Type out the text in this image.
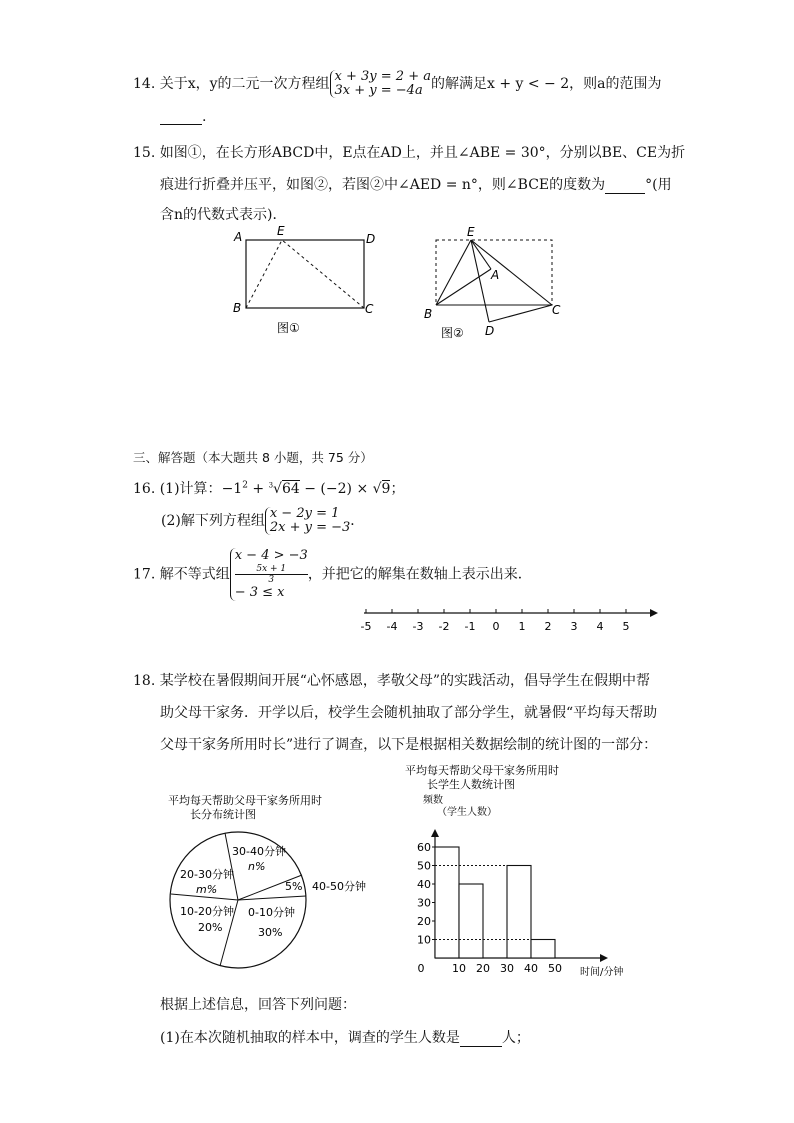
14. 关于x，y的二元一次方程组 x + 3y = 2 + a
3x + y = −4a 的解满足x + y < − 2，则a的范围为
.
15. 如图①，在长方形ABCD中，E点在AD上，并且∠ABE = 30°，分别以BE、CE为折
痕进行折叠并压平，如图②，若图②中∠AED = n°，则∠BCE的度数为	°(用
含n的代数式表示)．
A	E
D
B	C
图①
E
A
B	C
D
图②
三、解答题（本大题共 8 小题，共 75 分）
16. (1)计算：$-1^2 + ^3√64 - (-2) \times √9$；
(2)解下列方程组 x − 2y = 1
2x + y = −3 ．
17. 解不等式组
x − 4 > −3
5x + 1
3
− 3 ≤ x
，并把它的解集在数轴上表示出来．
-5 -4 -3 -2 -1 0 1 2 3 4 5
18. 某学校在暑假期间开展“心怀感恩，孝敬父母”的实践活动，倡导学生在假期中帮
助父母干家务．开学以后，校学生会随机抽取了部分学生，就暑假“平均每天帮助
父母干家务所用时长”进行了调查，以下是根据相关数据绘制的统计图的一部分：
平均每天帮助父母干家务所用时
长分布统计图
30-40分钟
n%
20-30分钟
m%	5% 40-50分钟
10-20分钟
20%
0-10分钟
30%
平均每天帮助父母干家务所用时
长学生人数统计图
频数
（学生人数）
10
20
30
40
50
60
0	10 20 30 40 50 时间/分钟
根据上述信息，回答下列问题：
(1)在本次随机抽取的样本中，调查的学生人数是	人；
